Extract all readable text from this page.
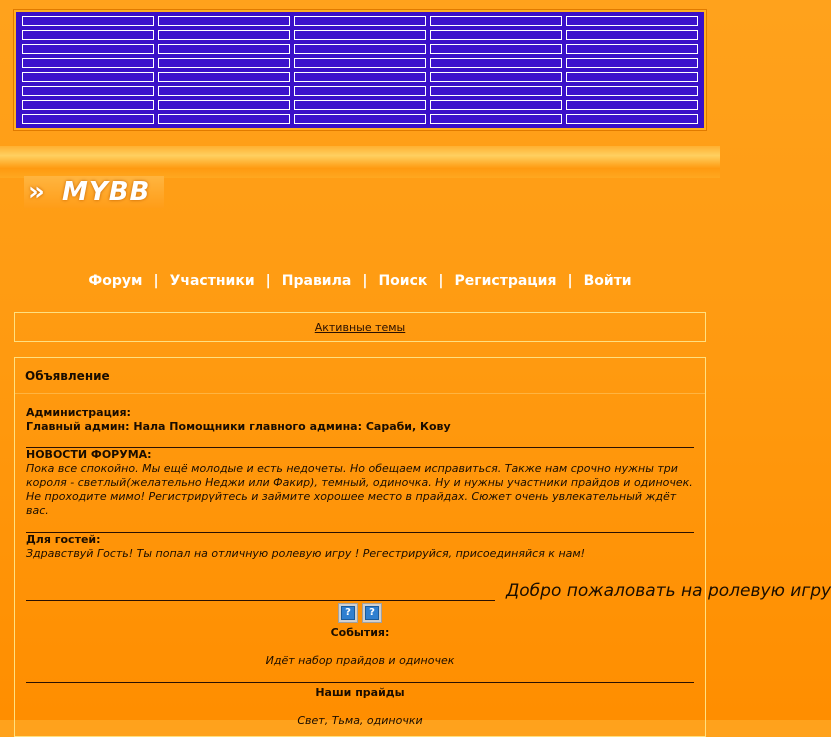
» MYBB
Форум | Участники | Правила | Поиск | Регистрация | Войти
Активные темы
Объявление
Администрация:
Главный админ: Нала Помощники главного админа: Сараби, Кову
НОВОСТИ ФОРУМА:
Пока все спокойно. Мы ещё молодые и есть недочеты. Но обещаем исправиться. Также нам срочно нужны три короля - светлый(желательно Неджи или Факир), темный, одиночка. Ну и нужны участники прайдов и одиночек. Не проходите мимо! Регистрирүйтесь и займите хорошее место в прайдах. Сюжет очень увлекательный ждёт вас.
Для гостей:
Здравствуй Гость! Ты попал на отличную ролевую игру ! Регестрируйся, присоединяйся к нам!
Добро пожаловать на ролевую игру
?	?
События:
Идёт набор прайдов и одиночек
Наши прайды
Свет, Тьма, одиночки
